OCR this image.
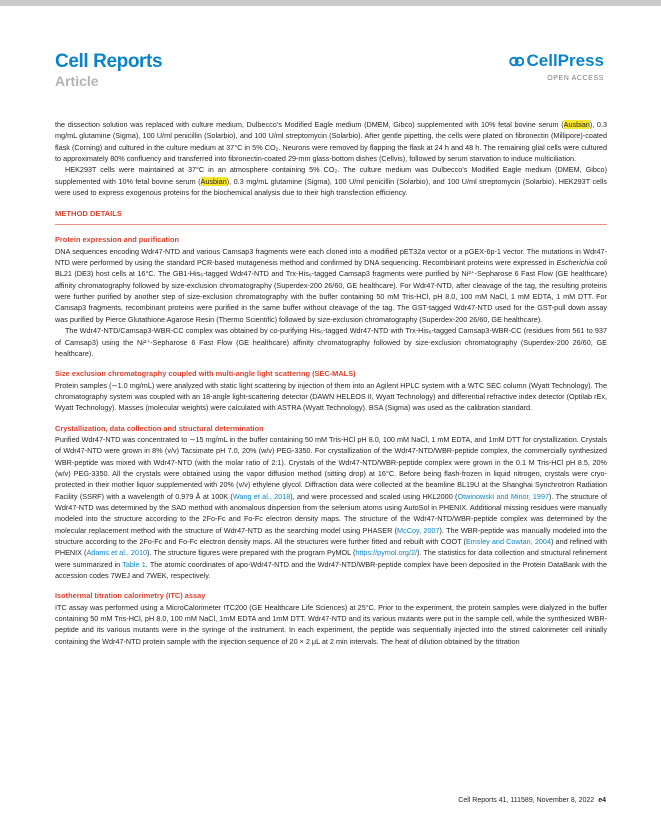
Cell Reports
Article
CellPress
OPEN ACCESS

the dissection solution was replaced with culture medium, Dulbecco’s Modified Eagle medium (DMEM, Gibco) supplemented with 10% fetal bovine serum (Ausbian), 0.3 mg/mL glutamine (Sigma), 100 U/ml penicillin (Solarbio), and 100 U/ml streptomycin (Solarbio). After gentle pipetting, the cells were plated on fibronectin (Millipore)-coated flask (Corning) and cultured in the culture medium at 37°C in 5% CO₂. Neurons were removed by flapping the flask at 24 h and 48 h. The remaining glial cells were cultured to approximately 80% confluency and transferred into fibronectin-coated 29-mm glass-bottom dishes (Cellvis), followed by serum starvation to induce multiciliation.

HEK293T cells were maintained at 37°C in an atmosphere containing 5% CO₂. The culture medium was Dulbecco’s Modified Eagle medium (DMEM, Gibco) supplemented with 10% fetal bovine serum (Ausbian), 0.3 mg/mL glutamine (Sigma), 100 U/ml penicillin (Solarbio), and 100 U/ml streptomycin (Solarbio). HEK293T cells were used to express exogenous proteins for the biochemical analysis due to their high transfection efficiency.

METHOD DETAILS
Protein expression and purification

DNA sequences encoding Wdr47-NTD and various Camsap3 fragments were each cloned into a modified pET32a vector or a pGEX-6p-1 vector. The mutations in Wdr47-NTD were performed by using the standard PCR-based mutagenesis method and confirmed by DNA sequencing. Recombinant proteins were expressed in Escherichia coli BL21 (DE3) host cells at 16°C. The GB1-His₆-tagged Wdr47-NTD and Trx-His₆-tagged Camsap3 fragments were purified by Ni²⁺-Sepharose 6 Fast Flow (GE healthcare) affinity chromatography followed by size-exclusion chromatography (Superdex-200 26/60, GE healthcare). For Wdr47-NTD, after cleavage of the tag, the resulting proteins were further purified by another step of size-exclusion chromatography with the buffer containing 50 mM Tris-HCl, pH 8.0, 100 mM NaCl, 1 mM EDTA, 1 mM DTT. For Camsap3 fragments, recombinant proteins were purified in the same buffer without cleavage of the tag. The GST-tagged Wdr47-NTD used for the GST-pull down assay was purified by Pierce Glutathione Agarose Resin (Thermo Scientific) followed by size-exclusion chromatography (Superdex-200 26/60, GE healthcare).

The Wdr47-NTD/Camsap3-WBR-CC complex was obtained by co-purifying His₆-tagged Wdr47-NTD with Trx-His₆-tagged Camsap3-WBR-CC (residues from 561 to 937 of Camsap3) using the Ni²⁺-Sepharose 6 Fast Flow (GE healthcare) affinity chromatography followed by size-exclusion chromatography (Superdex-200 26/60, GE healthcare).

Size exclusion chromatography coupled with multi-angle light scattering (SEC-MALS)

Protein samples (∼1.0 mg/mL) were analyzed with static light scattering by injection of them into an Agilent HPLC system with a WTC SEC column (Wyatt Technology). The chromatography system was coupled with an 18-angle light-scattering detector (DAWN HELEOS II, Wyatt Technology) and differential refractive index detector (Optilab rEx, Wyatt Technology). Masses (molecular weights) were calculated with ASTRA (Wyatt Technology). BSA (Sigma) was used as the calibration standard.

Crystallization, data collection and structural determination

Purified Wdr47-NTD was concentrated to ∼15 mg/mL in the buffer containing 50 mM Tris-HCl pH 8.0, 100 mM NaCl, 1 mM EDTA, and 1mM DTT for crystallization. Crystals of Wdr47-NTD were grown in 8% (v/v) Tacsimate pH 7.0, 20% (w/v) PEG-3350. For crystallization of the Wdr47-NTD/WBR-peptide complex, the commercially synthesized WBR-peptide was mixed with Wdr47-NTD (with the molar ratio of 2:1). Crystals of the Wdr47-NTD/WBR-peptide complex were grown in the 0.1 M Tris-HCl pH 8.5, 20% (w/v) PEG-3350. All the crystals were obtained using the vapor diffusion method (sitting drop) at 16°C. Before being flash-frozen in liquid nitrogen, crystals were cryo-protected in their mother liquor supplemented with 20% (v/v) ethylene glycol. Diffraction data were collected at the beamline BL19U at the Shanghai Synchrotron Radiation Facility (SSRF) with a wavelength of 0.979 Å at 100K (Wang et al., 2018), and were processed and scaled using HKL2000 (Otwinowski and Minor, 1997). The structure of Wdr47-NTD was determined by the SAD method with anomalous dispersion from the selenium atoms using AutoSol in PHENIX. Additional missing residues were manually modeled into the structure according to the 2Fo-Fc and Fo-Fc electron density maps. The structure of the Wdr47-NTD/WBR-peptide complex was determined by the molecular replacement method with the structure of Wdr47-NTD as the searching model using PHASER (McCoy, 2007). The WBR-peptide was manually modeled into the structure according to the 2Fo-Fc and Fo-Fc electron density maps. All the structures were further fitted and rebuilt with COOT (Emsley and Cowtan, 2004) and refined with PHENIX (Adams et al., 2010). The structure figures were prepared with the program PyMOL (https://pymol.org/2/). The statistics for data collection and structural refinement were summarized in Table 1. The atomic coordinates of apo-Wdr47-NTD and the Wdr47-NTD/WBR-peptide complex have been deposited in the Protein DataBank with the accession codes 7WEJ and 7WEK, respectively.

Isothermal titration calorimetry (ITC) assay

ITC assay was performed using a MicroCalorimeter ITC200 (GE Healthcare Life Sciences) at 25°C. Prior to the experiment, the protein samples were dialyzed in the buffer containing 50 mM Tris-HCl, pH 8.0, 100 mM NaCl, 1mM EDTA and 1mM DTT. Wdr47-NTD and its various mutants were put in the sample cell, while the synthesized WBR-peptide and its various mutants were in the syringe of the instrument. In each experiment, the peptide was sequentially injected into the stirred calorimeter cell initially containing the Wdr47-NTD protein sample with the injection sequence of 20 × 2 μL at 2 min intervals. The heat of dilution obtained by the titration

Cell Reports 41, 111589, November 8, 2022 e4
